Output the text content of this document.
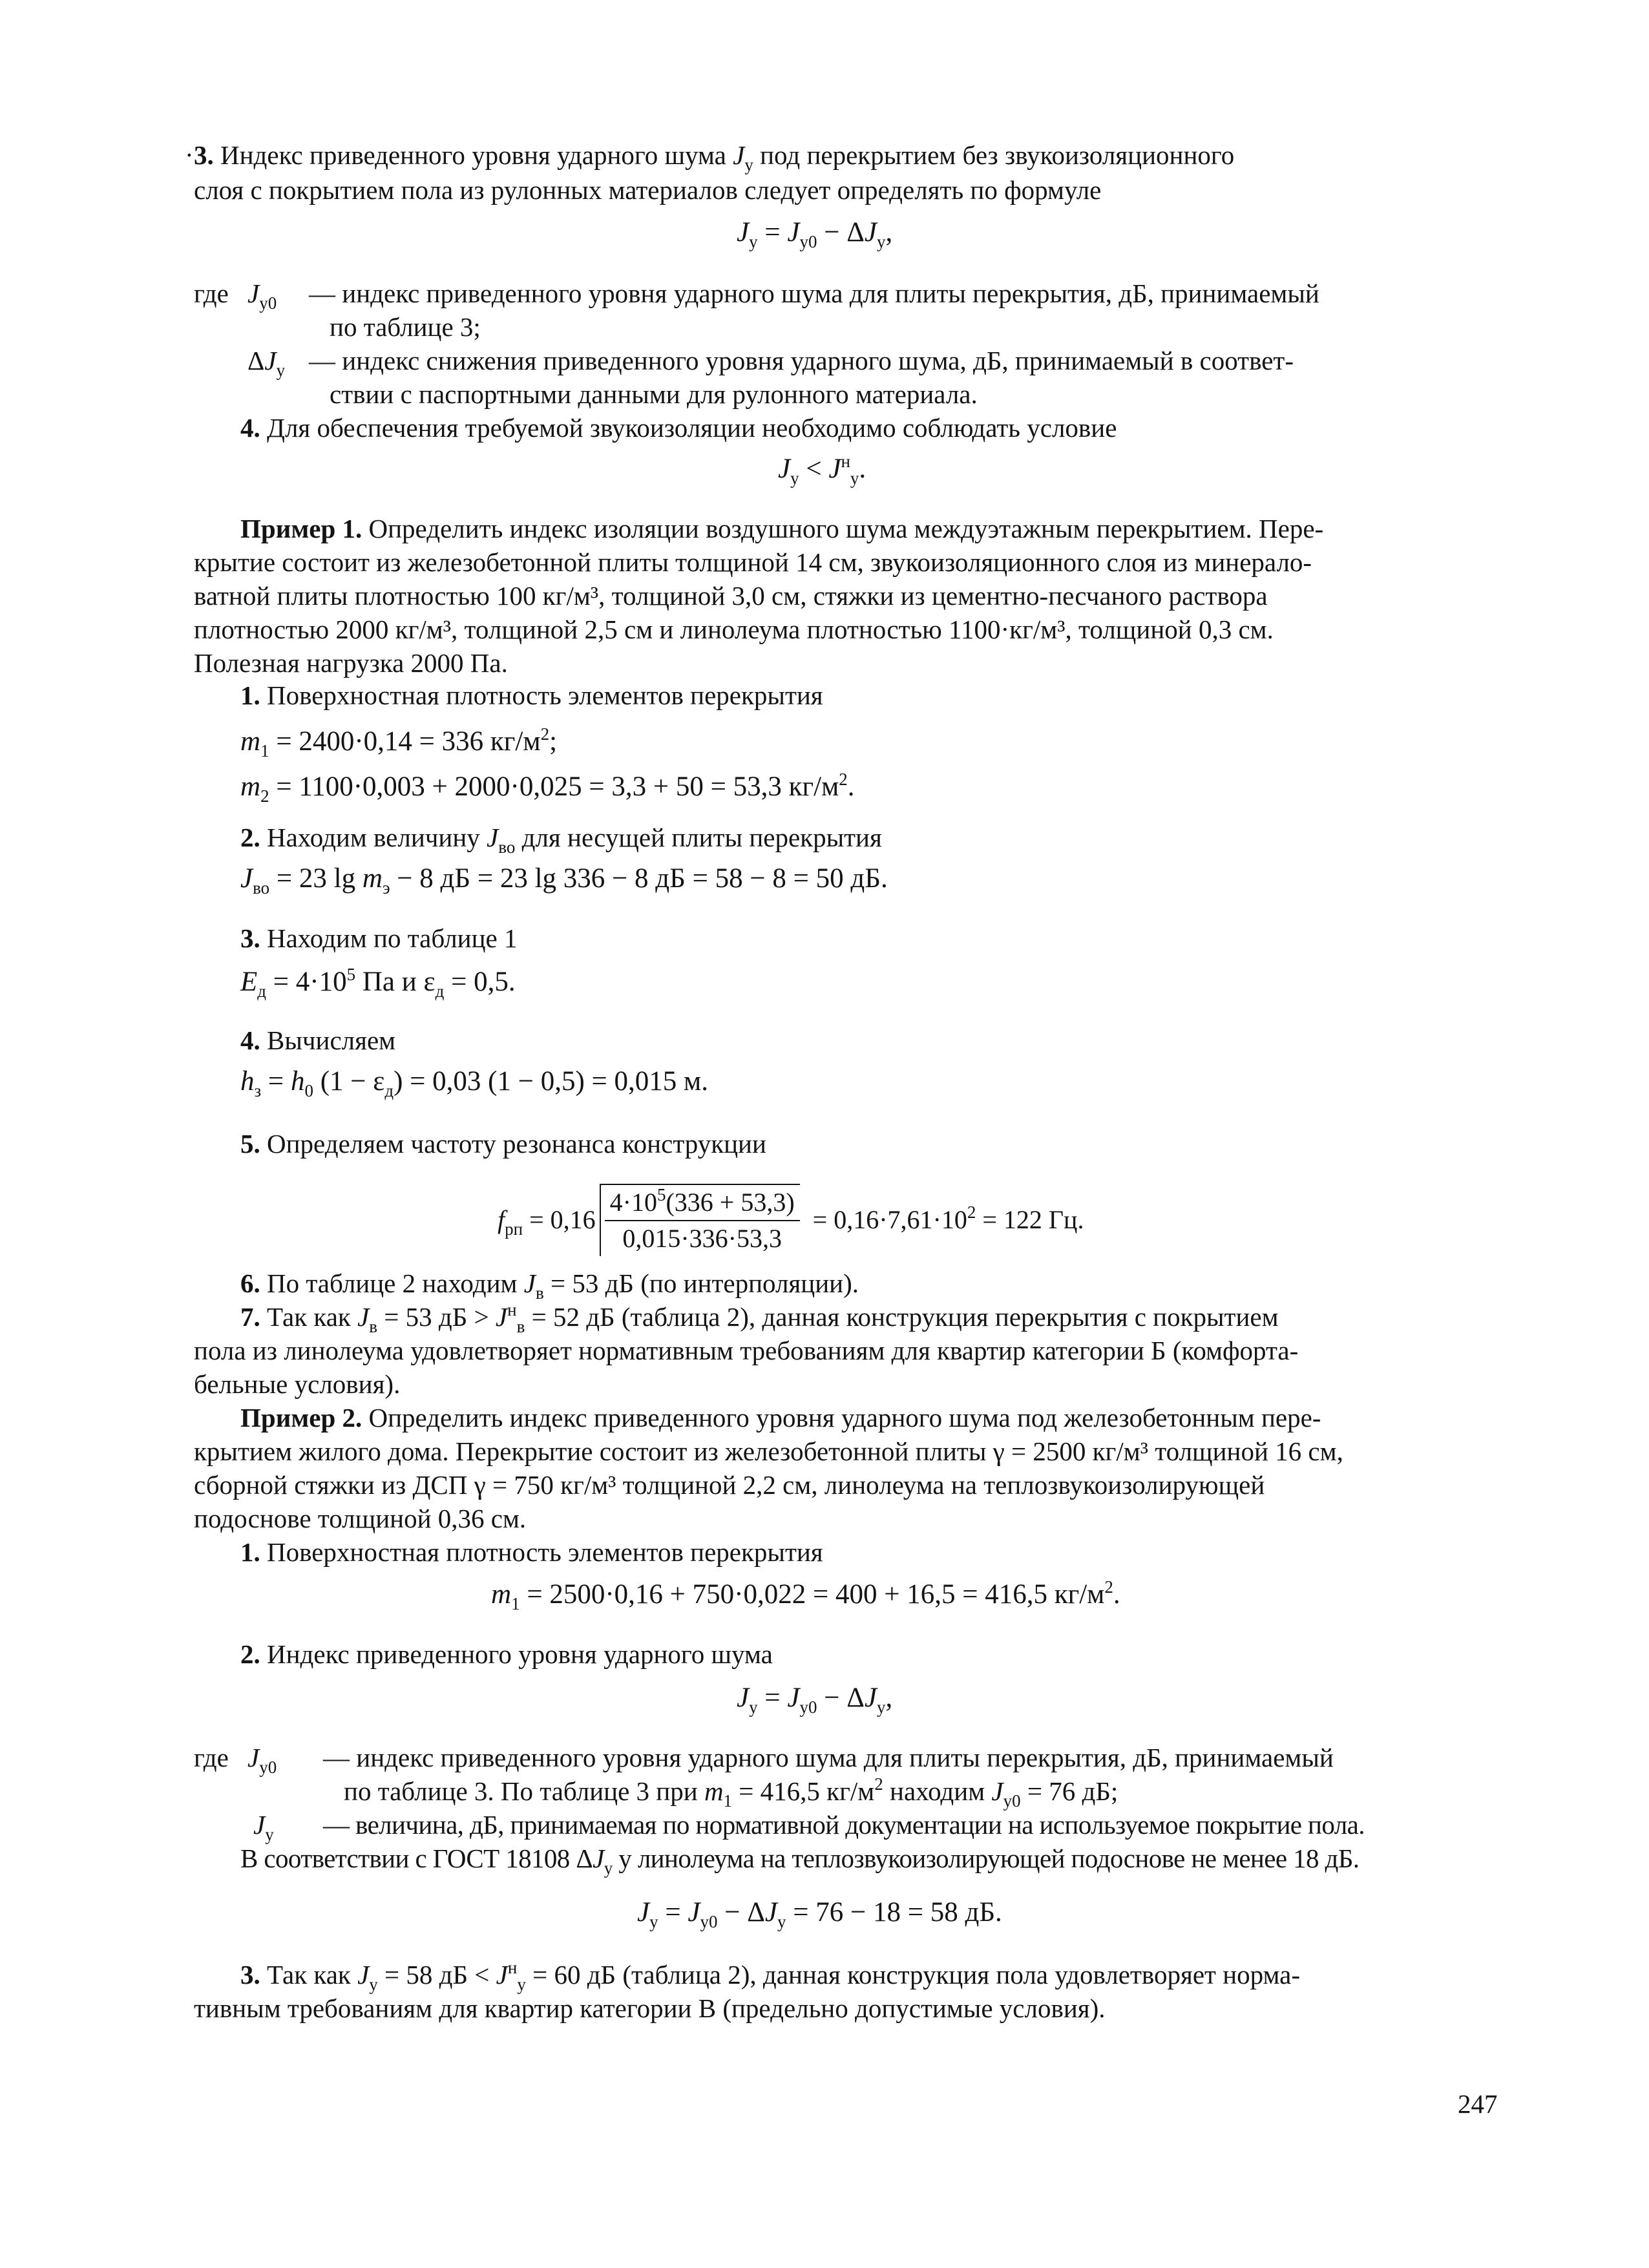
· 3. Индекс приведенного уровня ударного шума $J_у$ под перекрытием без звукоизоляционного
слоя с покрытием пола из рулонных материалов следует определять по формуле
$J_у = J_{у0} - \Delta J_у$,
где $J_{у0}$ — индекс приведенного уровня ударного шума для плиты перекрытия, дБ, принимаемый
по таблице 3;
$\Delta J_у$ — индекс снижения приведенного уровня ударного шума, дБ, принимаемый в соответ-
ствии с паспортными данными для рулонного материала.
4. Для обеспечения требуемой звукоизоляции необходимо соблюдать условие
$J_у < J^н_у$.
Пример 1. Определить индекс изоляции воздушного шума междуэтажным перекрытием. Пере-
крытие состоит из железобетонной плиты толщиной 14 см, звукоизоляционного слоя из минерало-
ватной плиты плотностью 100 кг/м³, толщиной 3,0 см, стяжки из цементно-песчаного раствора
плотностью 2000 кг/м³, толщиной 2,5 см и линолеума плотностью 1100·кг/м³, толщиной 0,3 см.
Полезная нагрузка 2000 Па.
1. Поверхностная плотность элементов перекрытия
$m_1 = 2400\cdot 0,14 = 336$ $кг/м^2$;
$m_2 = 1100\cdot 0,003 + 2000\cdot 0,025 = 3,3 + 50 = 53,3$ $кг/м^2$.
2. Находим величину $J_{во}$ для несущей плиты перекрытия
$J_{во} = 23$ $\lg m_э - 8$ дБ = 23 lg 336 − 8 дБ = 58 − 8 = 50 дБ.
3. Находим по таблице 1
$E_д = 4\cdot 10^5$ Па и $\varepsilon_д = 0,5$.
4. Вычисляем
$h_з = h_0$ $(1 - \varepsilon_д) = 0,03$ (1 − 0,5) = 0,015 м.
5. Определяем частоту резонанса конструкции
$f_{рп} = 0,16 \frac{4\cdot 10^5(336 + 53,3)}{0,015\cdot 336\cdot 53,3} = 0,16\cdot 7,61\cdot 10^2 = 122$ Гц.
6. По таблице 2 находим $J_в = 53$ дБ (по интерполяции).
7. Так как $J_в = 53$ дБ > $J^н_в = 52$ дБ (таблица 2), данная конструкция перекрытия с покрытием
пола из линолеума удовлетворяет нормативным требованиям для квартир категории Б (комфорта-
бельные условия).
Пример 2. Определить индекс приведенного уровня ударного шума под железобетонным пере-
крытием жилого дома. Перекрытие состоит из железобетонной плиты γ = 2500 кг/м³ толщиной 16 см,
сборной стяжки из ДСП γ = 750 кг/м³ толщиной 2,2 см, линолеума на теплозвукоизолирующей
подоснове толщиной 0,36 см.
1. Поверхностная плотность элементов перекрытия
$m_1 = 2500\cdot 0,16 + 750\cdot 0,022 = 400 + 16,5 = 416,5$ $кг/м^2$.
2. Индекс приведенного уровня ударного шума
$J_у = J_{у0} - \Delta J_у$,
где $J_{у0}$ — индекс приведенного уровня ударного шума для плиты перекрытия, дБ, принимаемый
по таблице 3. По таблице 3 при $m_1 = 416,5$ $кг/м^2$ находим $J_{у0} = 76$ дБ;
$J_у$ — величина, дБ, принимаемая по нормативной документации на используемое покрытие пола.
В соответствии с ГОСТ 18108 $\Delta J_у$ у линолеума на теплозвукоизолирующей подоснове не менее 18 дБ.
$J_у = J_{у0} - \Delta J_у = 76 - 18 = 58$ дБ.
3. Так как $J_у = 58$ дБ < $J^н_у = 60$ дБ (таблица 2), данная конструкция пола удовлетворяет норма-
тивным требованиям для квартир категории В (предельно допустимые условия).
247
